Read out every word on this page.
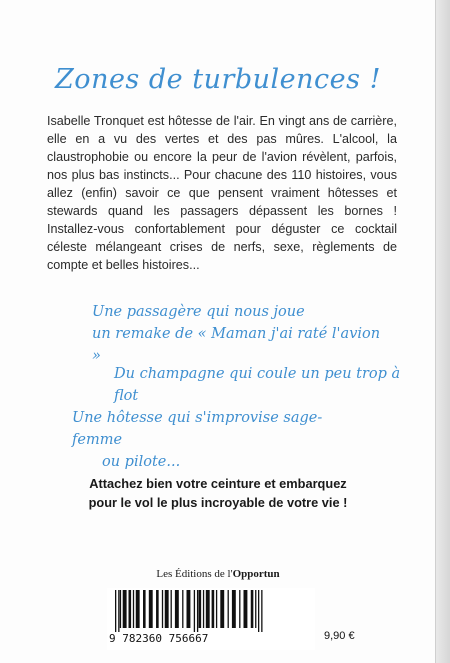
Zones de turbulences !
Isabelle Tronquet est hôtesse de l'air. En vingt ans de carrière, elle en a vu des vertes et des pas mûres. L'alcool, la claustrophobie ou encore la peur de l'avion révèlent, parfois, nos plus bas instincts... Pour chacune des 110 histoires, vous allez (enfin) savoir ce que pensent vraiment hôtesses et stewards quand les passagers dépassent les bornes ! Installez-vous confortablement pour déguster ce cocktail céleste mélangeant crises de nerfs, sexe, règlements de compte et belles histoires...
Une passagère qui nous joue
un remake de « Maman j'ai raté l'avion »
Du champagne qui coule un peu trop à flot
Une hôtesse qui s'improvise sage-femme
ou pilote...
Attachez bien votre ceinture et embarquez
pour le vol le plus incroyable de votre vie !
Les Éditions de l'Opportun
9 782360 756667	9,90 €
